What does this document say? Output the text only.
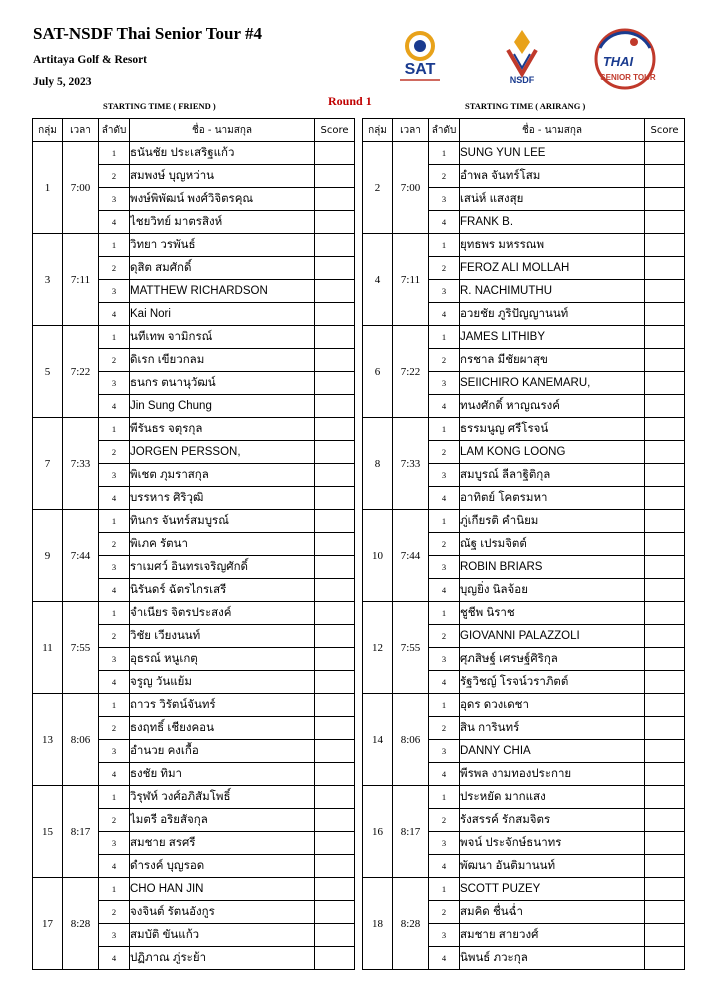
SAT-NSDF Thai Senior Tour #4
Artitaya Golf & Resort
July 5, 2023
SAT
NSDF
THAI
SENIOR TOUR
STARTING TIME ( FRIEND )	Round 1	STARTING TIME ( ARIRANG )
กลุ่ม	เวลา	ลำดับ	ชื่อ - นามสกุล	Score
1	7:00	1	ธนันชัย ประเสริฐแก้ว	
		2	สมพงษ์ บุญหว่าน	
		3	พงษ์พิพัฒน์ พงศ์วิจิตรคุณ	
		4	ไชยวิทย์ มาตรสิงห์	
3	7:11	1	วิทยา วรพันธ์	
		2	ดุสิต สมศักดิ์	
		3	MATTHEW RICHARDSON	
		4	Kai Nori	
5	7:22	1	นทีเทพ จามิกรณ์	
		2	ดิเรก เขียวกลม	
		3	ธนกร ตนานุวัฒน์	
		4	Jin Sung Chung	
7	7:33	1	พีรันธร จตุรกุล	
		2	JORGEN PERSSON,	
		3	พิเชต ภุมราสกุล	
		4	บรรหาร ศิริวุฒิ	
9	7:44	1	ทินกร จันทร์สมบูรณ์	
		2	พิเภค รัตนา	
		3	ราเมศว์ อินทรเจริญศักดิ์	
		4	นิรันดร์ ฉัตรไกรเสรี	
11	7:55	1	จำเนียร จิตรประสงค์	
		2	วิชัย เวียงนนท์	
		3	อุธรณ์ หนูเกตุ	
		4	จรูญ วันแย้ม	
13	8:06	1	ถาวร วิรัตน์จันทร์	
		2	ธงฤทธิ์ เชียงคอน	
		3	อำนวย คงเกื้อ	
		4	ธงชัย ทิมา	
15	8:17	1	วิรุฬห์ วงศ์อภิสัมโพธิ์	
		2	ไมตรี อริยสัจกุล	
		3	สมชาย สรศรี	
		4	ดำรงค์ บุญรอด	
17	8:28	1	CHO HAN JIN	
		2	จงจินต์ รัตนอังกูร	
		3	สมบัติ ขันแก้ว	
		4	ปฏิภาณ ภู่ระย้า	
กลุ่ม	เวลา	ลำดับ	ชื่อ - นามสกุล	Score
2	7:00	1	SUNG YUN LEE	
		2	อำพล จันทร์โสม	
		3	เสน่ห์ แสงสุย	
		4	FRANK B.	
4	7:11	1	ยุทธพร มหรรณพ	
		2	FEROZ ALI MOLLAH	
		3	R. NACHIMUTHU	
		4	อวยชัย ภูริปัญญานนท์	
6	7:22	1	JAMES LITHIBY	
		2	กรชาล มีชัยผาสุข	
		3	SEIICHIRO KANEMARU,	
		4	ทนงศักดิ์ หาญณรงค์	
8	7:33	1	ธรรมนูญ ศรีโรจน์	
		2	LAM KONG LOONG	
		3	สมบูรณ์ ลีลาฐิติกุล	
		4	อาทิตย์ โคตรมหา	
10	7:44	1	ภู่เกียรติ คำนิยม	
		2	ณัฐ เปรมจิตต์	
		3	ROBIN BRIARS	
		4	บุญยิ่ง นิลจ้อย	
12	7:55	1	ชูชีพ นิราช	
		2	GIOVANNI PALAZZOLI	
		3	ศุภสิษฐ์ เศรษฐ์ศิริกุล	
		4	รัฐวิชญ์ โรจน์วราภิตต์	
14	8:06	1	อุดร ดวงเดชา	
		2	สิน การินทร์	
		3	DANNY CHIA	
		4	พีรพล งามทองประกาย	
16	8:17	1	ประหยัด มากแสง	
		2	รังสรรค์ รักสมจิตร	
		3	พจน์ ประจักษ์ธนาทร	
		4	พัฒนา อันติมานนท์	
18	8:28	1	SCOTT PUZEY	
		2	สมคิด ชื่นฉ่ำ	
		3	สมชาย สายวงศ์	
		4	นิพนธ์ ภวะกุล	
